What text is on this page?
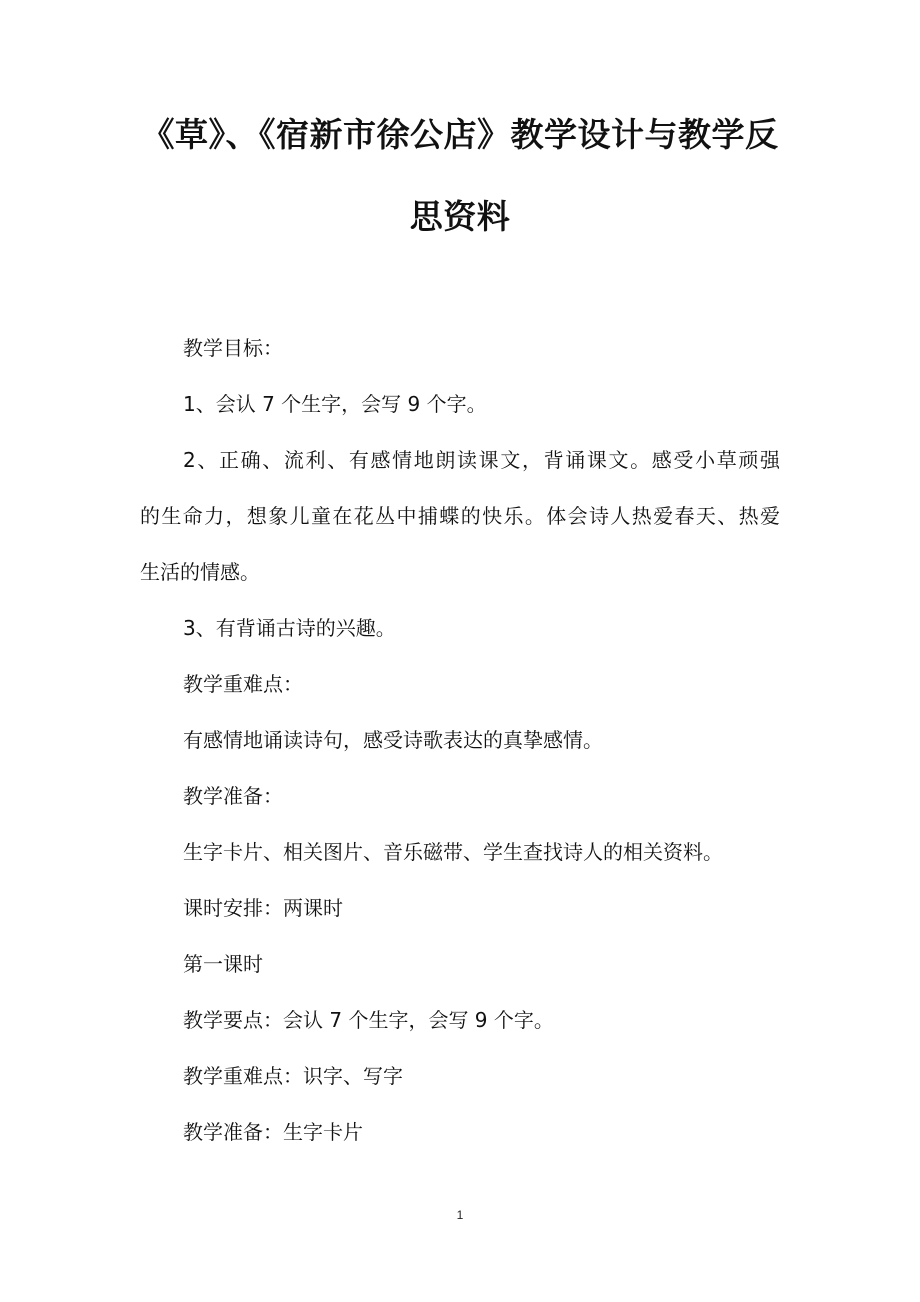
《草》、《宿新市徐公店》教学设计与教学反
思资料
教学目标：
1、会认 7 个生字，会写 9 个字。
2、正确、流利、有感情地朗读课文，背诵课文。感受小草顽强
的生命力，想象儿童在花丛中捕蝶的快乐。体会诗人热爱春天、热爱
生活的情感。
3、有背诵古诗的兴趣。
教学重难点：
有感情地诵读诗句，感受诗歌表达的真挚感情。
教学准备：
生字卡片、相关图片、音乐磁带、学生查找诗人的相关资料。
课时安排：两课时
第一课时
教学要点：会认 7 个生字，会写 9 个字。
教学重难点：识字、写字
教学准备：生字卡片
1
